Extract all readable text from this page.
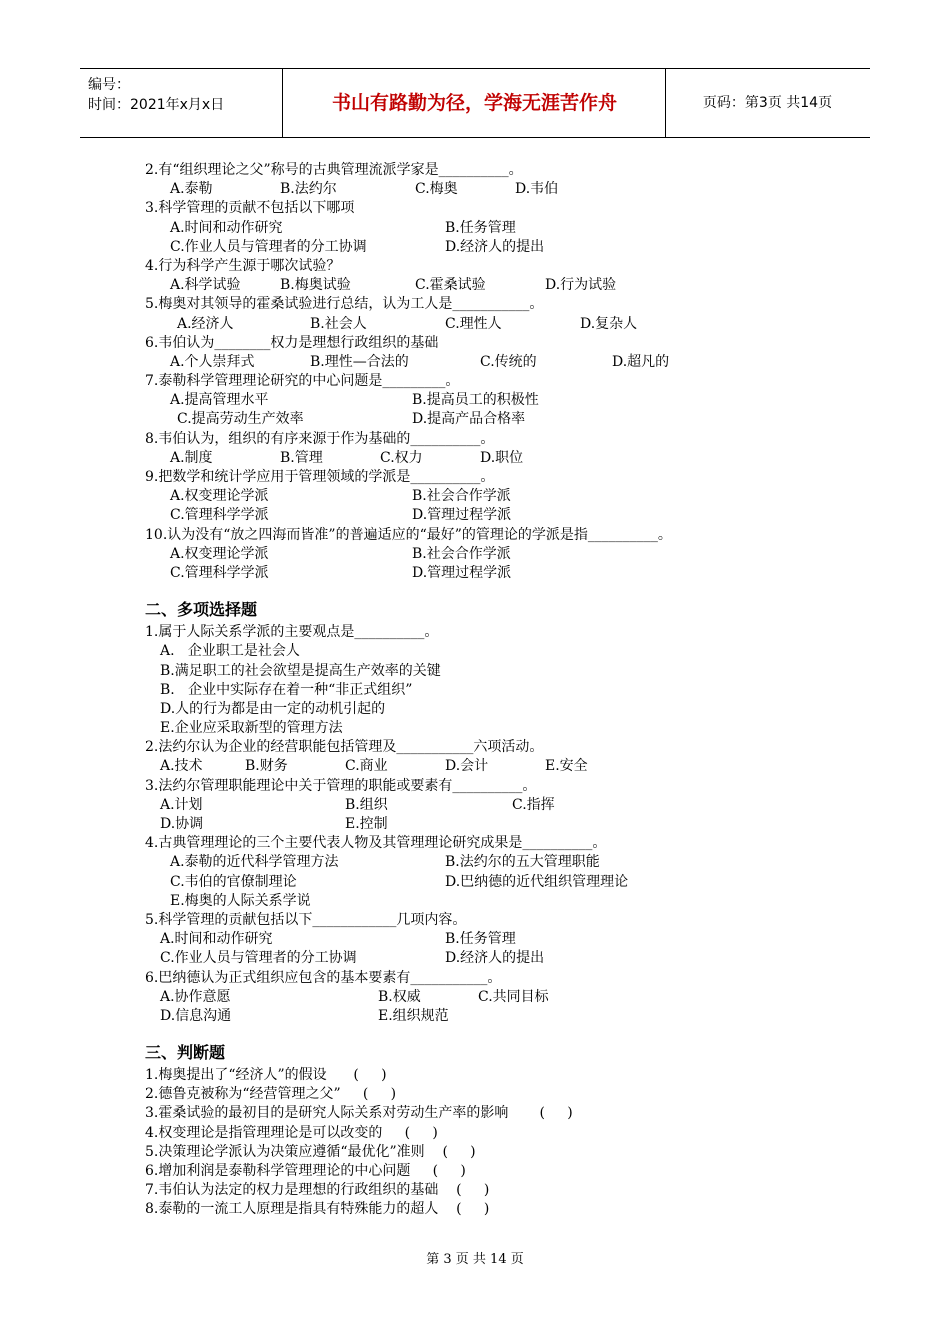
编号：
时间：2021年x月x日	书山有路勤为径，学海无涯苦作舟	页码：第3页 共14页
2.有“组织理论之父”称号的古典管理流派学家是__________。
A.泰勒	B.法约尔	C.梅奥	D.韦伯
3.科学管理的贡献不包括以下哪项
A.时间和动作研究	B.任务管理
C.作业人员与管理者的分工协调	D.经济人的提出
4.行为科学产生源于哪次试验？
A.科学试验	B.梅奥试验	C.霍桑试验	D.行为试验
5.梅奥对其领导的霍桑试验进行总结，认为工人是___________。
A.经济人	B.社会人	C.理性人	D.复杂人
6.韦伯认为________权力是理想行政组织的基础
A.个人崇拜式	B.理性—合法的	C.传统的	D.超凡的
7.泰勒科学管理理论研究的中心问题是_________。
A.提高管理水平	B.提高员工的积极性
C.提高劳动生产效率	D.提高产品合格率
8.韦伯认为，组织的有序来源于作为基础的__________。
A.制度	B.管理	C.权力	D.职位
9.把数学和统计学应用于管理领域的学派是__________。
A.权变理论学派	B.社会合作学派
C.管理科学学派	D.管理过程学派
10.认为没有“放之四海而皆准”的普遍适应的“最好”的管理论的学派是指__________。
A.权变理论学派	B.社会合作学派
C.管理科学学派	D.管理过程学派
二、多项选择题
1.属于人际关系学派的主要观点是__________。
A.   企业职工是社会人
B.满足职工的社会欲望是提高生产效率的关键
B.   企业中实际存在着一种“非正式组织”
D.人的行为都是由一定的动机引起的
E.企业应采取新型的管理方法
2.法约尔认为企业的经营职能包括管理及___________六项活动。
A.技术	B.财务	C.商业	D.会计	E.安全
3.法约尔管理职能理论中关于管理的职能或要素有__________。
A.计划	B.组织	C.指挥
D.协调	E.控制
4.古典管理理论的三个主要代表人物及其管理理论研究成果是__________。
A.泰勒的近代科学管理方法	B.法约尔的五大管理职能
C.韦伯的官僚制理论	D.巴纳德的近代组织管理理论
E.梅奥的人际关系学说
5.科学管理的贡献包括以下____________几项内容。
A.时间和动作研究	B.任务管理
C.作业人员与管理者的分工协调	D.经济人的提出
6.巴纳德认为正式组织应包含的基本要素有___________。
A.协作意愿	B.权威	C.共同目标
D.信息沟通	E.组织规范
三、判断题
1.梅奥提出了“经济人”的假设      (     )
2.德鲁克被称为“经营管理之父”     (     )
3.霍桑试验的最初目的是研究人际关系对劳动生产率的影响       (     )
4.权变理论是指管理理论是可以改变的     (     )
5.决策理论学派认为决策应遵循“最优化”准则    (     )
6.增加利润是泰勒科学管理理论的中心问题     (     )
7.韦伯认为法定的权力是理想的行政组织的基础    (     )
8.泰勒的一流工人原理是指具有特殊能力的超人    (     )
第 3 页 共 14 页
